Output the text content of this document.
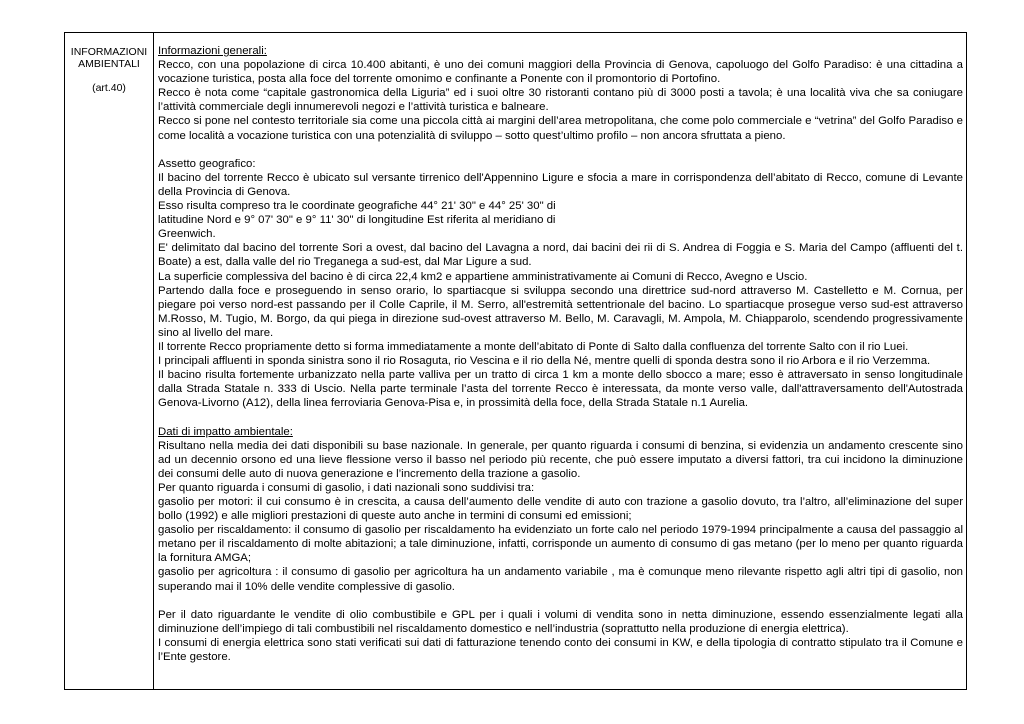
INFORMAZIONI
AMBIENTALI
(art.40)
Informazioni generali:

Recco, con una popolazione di circa 10.400 abitanti, è uno dei comuni maggiori della Provincia di Genova, capoluogo del Golfo Paradiso: è una cittadina a vocazione turistica, posta alla foce del torrente omonimo e confinante a Ponente con il promontorio di Portofino.

Recco è nota come “capitale gastronomica della Liguria” ed i suoi oltre 30 ristoranti contano più di 3000 posti a tavola; è una località viva che sa coniugare l’attività commerciale degli innumerevoli negozi e l’attività turistica e balneare.

Recco si pone nel contesto territoriale sia come una piccola città ai margini dell’area metropolitana, che come polo commerciale e “vetrina” del Golfo Paradiso e come località a vocazione turistica con una potenzialità di sviluppo – sotto quest’ultimo profilo – non ancora sfruttata a pieno.

Assetto geografico:

Il bacino del torrente Recco è ubicato sul versante tirrenico dell'Appennino Ligure e sfocia a mare in corrispondenza dell’abitato di Recco, comune di Levante della Provincia di Genova.

Esso risulta compreso tra le coordinate geografiche 44° 21' 30" e 44° 25' 30" di

latitudine Nord e 9° 07' 30" e 9° 11' 30" di longitudine Est riferita al meridiano di

Greenwich.

E' delimitato dal bacino del torrente Sori a ovest, dal bacino del Lavagna a nord, dai bacini dei rii di S. Andrea di Foggia e S. Maria del Campo (affluenti del t. Boate) a est, dalla valle del rio Treganega a sud-est, dal Mar Ligure a sud.

La superficie complessiva del bacino è di circa 22,4 km2 e appartiene amministrativamente ai Comuni di Recco, Avegno e Uscio.

Partendo dalla foce e proseguendo in senso orario, lo spartiacque si sviluppa secondo una direttrice sud-nord attraverso M. Castelletto e M. Cornua, per piegare poi verso nord-est passando per il Colle Caprile, il M. Serro, all'estremità settentrionale del bacino. Lo spartiacque prosegue verso sud-est attraverso M.Rosso, M. Tugio, M. Borgo, da qui piega in direzione sud-ovest attraverso M. Bello, M. Caravagli, M. Ampola, M. Chiapparolo, scendendo progressivamente sino al livello del mare.

Il torrente Recco propriamente detto si forma immediatamente a monte dell’abitato di Ponte di Salto dalla confluenza del torrente Salto con il rio Luei.

I principali affluenti in sponda sinistra sono il rio Rosaguta, rio Vescina e il rio della Né, mentre quelli di sponda destra sono il rio Arbora e il rio Verzemma.

Il bacino risulta fortemente urbanizzato nella parte valliva per un tratto di circa 1 km a monte dello sbocco a mare; esso è attraversato in senso longitudinale dalla Strada Statale n. 333 di Uscio. Nella parte terminale l’asta del torrente Recco è interessata, da monte verso valle, dall'attraversamento dell'Autostrada Genova-Livorno (A12), della linea ferroviaria Genova-Pisa e, in prossimità della foce, della Strada Statale n.1 Aurelia.

Dati di impatto ambientale:

Risultano nella media dei dati disponibili su base nazionale. In generale, per quanto riguarda i consumi di benzina, si evidenzia un andamento crescente sino ad un decennio orsono ed una lieve flessione verso il basso nel periodo più recente, che può essere imputato a diversi fattori, tra cui incidono la diminuzione dei consumi delle auto di nuova generazione e l’incremento della trazione a gasolio.

Per quanto riguarda i consumi di gasolio, i dati nazionali sono suddivisi tra:

gasolio per motori: il cui consumo è in crescita, a causa dell’aumento delle vendite di auto con trazione a gasolio dovuto, tra l’altro, all’eliminazione del super bollo (1992) e alle migliori prestazioni di queste auto anche in termini di consumi ed emissioni;

gasolio per riscaldamento: il consumo di gasolio per riscaldamento ha evidenziato un forte calo nel periodo 1979-1994 principalmente a causa del passaggio al metano per il riscaldamento di molte abitazioni; a tale diminuzione, infatti, corrisponde un aumento di consumo di gas metano (per lo meno per quanto riguarda la fornitura AMGA;

gasolio per agricoltura : il consumo di gasolio per agricoltura ha un andamento variabile , ma è comunque meno rilevante rispetto agli altri tipi di gasolio, non superando mai il 10% delle vendite complessive di gasolio.

Per il dato riguardante le vendite di olio combustibile e GPL per i quali i volumi di vendita sono in netta diminuzione, essendo essenzialmente legati alla diminuzione dell’impiego di tali combustibili nel riscaldamento domestico e nell’industria (soprattutto nella produzione di energia elettrica).

I consumi di energia elettrica sono stati verificati sui dati di fatturazione tenendo conto dei consumi in KW, e della tipologia di contratto stipulato tra il Comune e l’Ente gestore.
